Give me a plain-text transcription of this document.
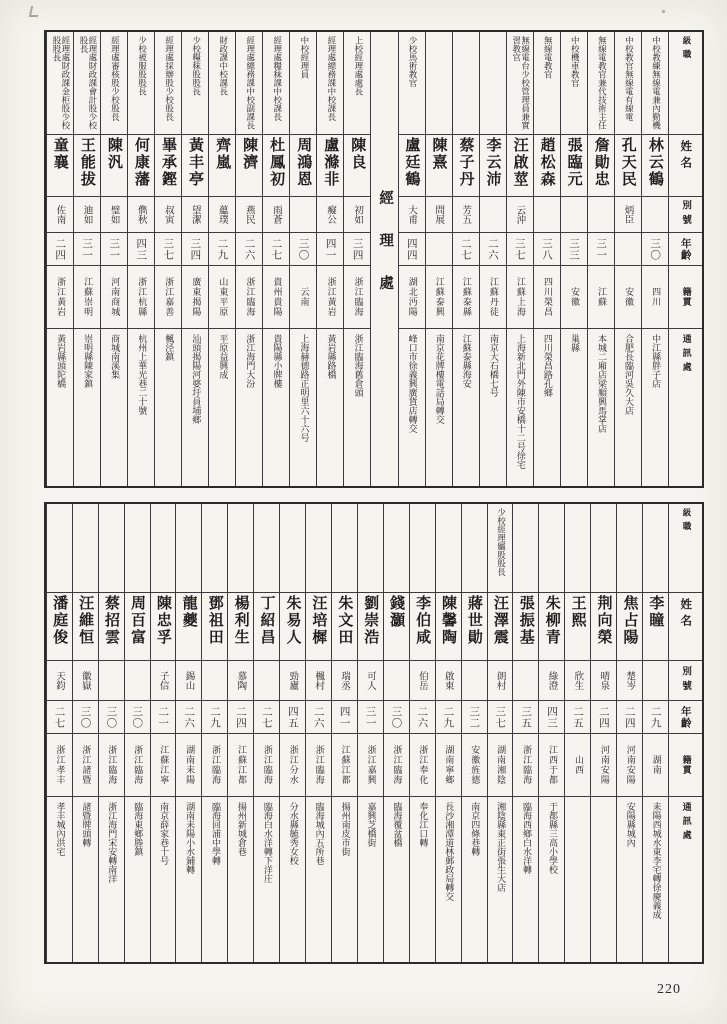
級職
姓名
別號
年齡
籍貫
通訊處
中校教練無線電兼內勤機
林云鶴
三〇
四川
中江縣胖子店
中校教官無線電有線電
孔天民
炳臣
安徽
合肥長臨河吳久大店
無線電教官兼代技術主任
詹勛忠
三一
江蘇
本城二廂店梁順興馬掌店
中校機車教官
張臨元
三三
安徽
巢縣
無線電教官
趙松森
三八
四川榮昌
四川榮昌路孔鄉
無線電台少校管理員兼實習教官
汪啟莖
云沖
三七
江蘇上海
上海新北門外陳市安橋十二号徐宅
李云沛
二六
江蘇丹徒
南京大石橋七号
蔡子丹
芳五
二七
江蘇泰縣
江蘇泰縣海安
陳熹
問展
江蘇泰興
南京花牌樓電話局轉交
少校馬術教官
盧廷鶴
大甫
四四
湖北沔陽
峰口市徐義興廣貨店轉交
經理處
上校經理處處長
陳良
初如
三四
浙江臨海
浙江臨海舊倉頭
經理處總務課中校課長
盧滌非
癡公
四一
浙江黃岩
黃岩縣路橋
中校經理員
周鴻恩
三〇
云南
上海赫德路正明里六十六号
經理處糧秣課中校課長
杜鳳初
雨蒼
二七
貴州貴陽
貴陽縣小牌樓
經理處總務課中校副課長
陳濟
燕民
二六
浙江臨海
浙江海門大汾
財政課中校課長
齊嵐
蘊璞
二九
山東平原
平原益興成
少校糧秣股股長
黃丰亭
望潔
三四
廣東揭陽
汕頭揭陽河婆圩員埔鄉
經理處採辦股少校股長
畢承鏗
叔寅
三七
浙江嘉善
楓泾鎮
少校被服股股長
何康藩
儁秋
四三
浙江杭縣
杭州上華光巷二十號
經理處審核股少校股長
陳汎
璧如
三一
河南商城
商城南溪集
經理處財政課會計股少校股長
王能拔
迪如
三一
江蘇崇明
崇明縣陳家鎮
經理處財政課金柜股少校股股長
童襄
佐南
二四
浙江黃岩
黃岩縣頭陀橋
級職
姓名
別號
年齡
籍貫
通訊處
李瞳
二九
湖南
耒陽西城水東李宅轉徐慶義成
焦占陽
楚岑
二四
河南安陽
安陽縣城內
荆向榮
晴泉
二四
河南安陽
王熙
欣生
二五
山西
朱柳青
綠澄
四三
江西于都
于都縣三高小學校
張振基
三五
浙江臨海
臨海西鄉白水洋轉
少校經理屬股股長
汪澤震
朗村
三七
湖南湘陰
湘陰縣東正街張生大店
蔣世勛
三二
安徽旌德
南京四條巷轉
陳馨陶
啟東
二九
湖南寧鄉
長沙湘潭道林郵政局轉交
李伯咸
伯岳
二六
浙江奉化
奉化江口轉
錢灝
三〇
浙江臨海
臨海覆盆橋
劉崇浩
可人
三一
浙江嘉興
嘉興芝橋街
朱文田
瑞丞
四一
江蘇江都
揚州南皮市街
汪培樨
楓村
二六
浙江臨海
臨海城內五所巷
朱易人
勁廬
四五
浙江分水
分水縣毓秀女校
丁紹昌
二七
浙江臨海
臨海白水洋轉下洋庄
楊利生
慕陶
二四
江蘇江都
揚州新城倉巷
鄧祖田
二九
浙江臨海
臨海回浦中學轉
龍夔
錫山
二六
湖南耒陽
湖南耒陽小水鋪轉
陳忠孚
子信
二一
江蘇江寧
南京薛家巷十号
周百富
三〇
浙江臨海
臨海東鄉塍鎮
蔡招雲
三〇
浙江臨海
浙江海門宋安轉南洋
汪維恒
徽嶽
三〇
浙江諸暨
諸暨牌頭轉
潘庭俊
天鈞
二七
浙江孝丰
孝丰城內洪宅
220
